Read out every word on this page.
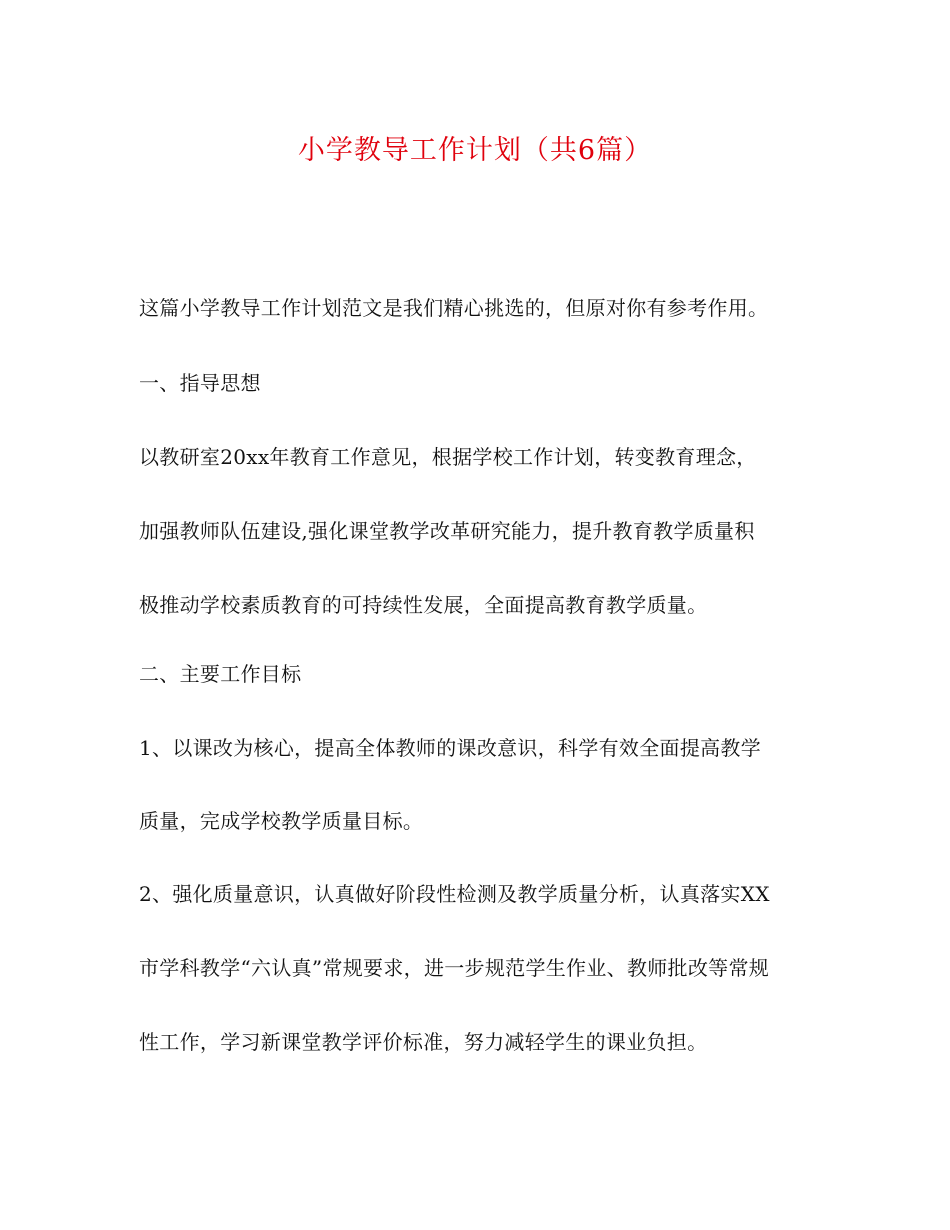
小学教导工作计划（共6篇）
这篇小学教导工作计划范文是我们精心挑选的，但原对你有参考作用。
一、指导思想
以教研室20xx年教育工作意见，根据学校工作计划，转变教育理念，
加强教师队伍建设,强化课堂教学改革研究能力，提升教育教学质量积
极推动学校素质教育的可持续性发展，全面提高教育教学质量。
二、主要工作目标
1、以课改为核心，提高全体教师的课改意识，科学有效全面提高教学
质量，完成学校教学质量目标。
2、强化质量意识，认真做好阶段性检测及教学质量分析，认真落实XX
市学科教学“六认真”常规要求，进一步规范学生作业、教师批改等常规
性工作，学习新课堂教学评价标准，努力减轻学生的课业负担。
